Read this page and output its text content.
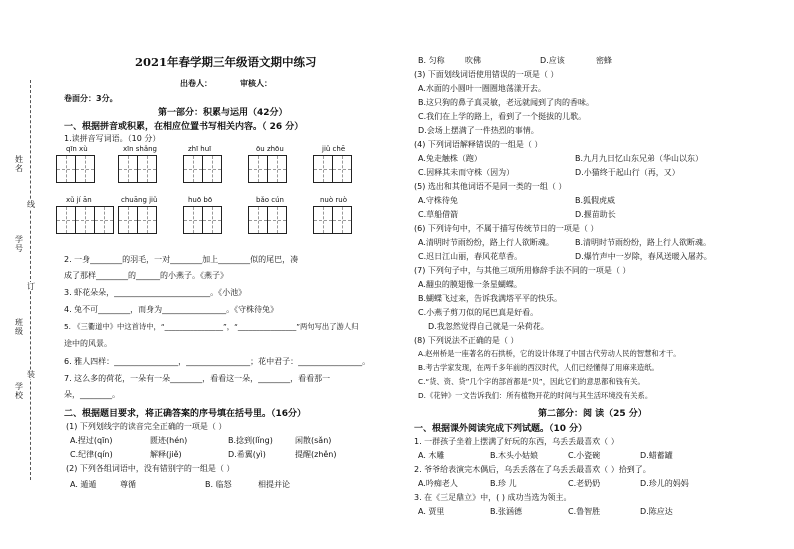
姓名
学号
班级
学校
线
订
装
2021年春学期三年级语文期中练习
出卷人：	审核人：
卷面分：3分。
第一部分：积累与运用（42分）
一、根据拼音或积累，在相应位置书写相关内容。（ 26 分）
1.读拼音写词语。（10 分）
qīn xù	xīn shǎng	zhī huī	ōu zhōu	jiǔ chē
xǔ jí ān	chuāng jiǔ	huō bō	bǎo cún	nuò ruò
2. 一身________的羽毛，一对________加上________似的尾巴，凑
成了那样________的______的小燕子。《燕子》
3. 虾花朵朵，________________________。《小池》
4. 兔不可________，而身为________________。《守株待兔》
5. 《三衢道中》中这首诗中，“________________”，“________________”两句写出了游人归
途中的风景。
6. 雅人四样：________________，________________；花中君子：________________。
7. 这么多的荷花，一朵有一朵________，看看这一朵，________，看看那一
朵，________。
二、根据题目要求，将正确答案的序号填在括号里。（16分）
(1) 下列划线字的读音完全正确的一项是（ ）
A.捏过(qīn)	匮迹(hén)	B.捻到(lǐng)	闲散(sǎn)
C.纪律(qín)	解释(jiě)	D.希翼(yì)	提醒(zhěn)
(2) 下列各组词语中，没有错别字的一组是（ ）
A. 遁遁	尊循	B. 临怒	相提并论
B. 匀称	吹佛	D.应该	密蜂
(3) 下面划线词语使用错误的一项是（ ）
A.水面的小圆叶一圈圈地荡漾开去。
B.这只狗的鼻子真灵敏，老远就闻到了肉的香味。
C.我们在上学的路上，看到了一个挺拔的儿歌。
D.会场上摆满了一件热烈的事情。
(4) 下列词语解释错误的一组是（ ）
A.兔走触株（跑）	B.九月九日忆山东兄弟（华山以东）
C.因释其未而守株（因为）	D.小猫终于起山行（再，又）
(5) 选出和其他词语不是同一类的一组（ ）
A.守株待兔	B.狐假虎威
C.草船借箭	D.揠苗助长
(6) 下列诗句中，不属于描写传统节日的一项是（ ）
A.清明时节雨纷纷，路上行人欲断魂。	B.清明时节雨纷纷，路上行人欲断魂。
C.迟日江山丽，春风花草香。	D.爆竹声中一岁除，春风送暖入屠苏。
(7) 下列句子中，与其他三项所用修辞手法不同的一项是（ ）
A.翻虫的膜翅像一条星蝴蝶。
B.蝴蝶飞过来，告诉我满塔平平的快乐。
C.小燕子剪刀似的尾巴真是好看。
D.我忽然觉得自己就是一朵荷花。
(8) 下列说法不正确的是（ ）
A.赵州桥是一座著名的石拱桥，它的设计体现了中国古代劳动人民的智慧和才干。
B.考古学家发现，在两千多年前的西汉时代，人们已经懂得了用麻来造纸。
C.“货、资、贷”几个字的部首都是“贝”，因此它们的意思都和钱有关。
D.《花钟》一文告诉我们：所有植物开花的时间与其生活环境没有关系。
第二部分：阅 读（25 分）
一、根据课外阅读完成下列试题。（10 分）
1. 一群孩子坐着上摆满了好玩的东西，乌丢丢最喜欢（ ）
A. 木雕	B.木头小姑娘	C.小瓷碗	D.蜡蓄罐
2. 爷爷给表演完木偶后，乌丢丢落在了乌丢丢最喜欢（ ）拾到了。
A.吟痴老人	B.珍 儿	C.老奶奶	D.珍儿的妈妈
3. 在《三足鼎立》中，( ) 成功当选为领主。
A. 贾里	B.张涵德	C.鲁智胜	D.陈应达
